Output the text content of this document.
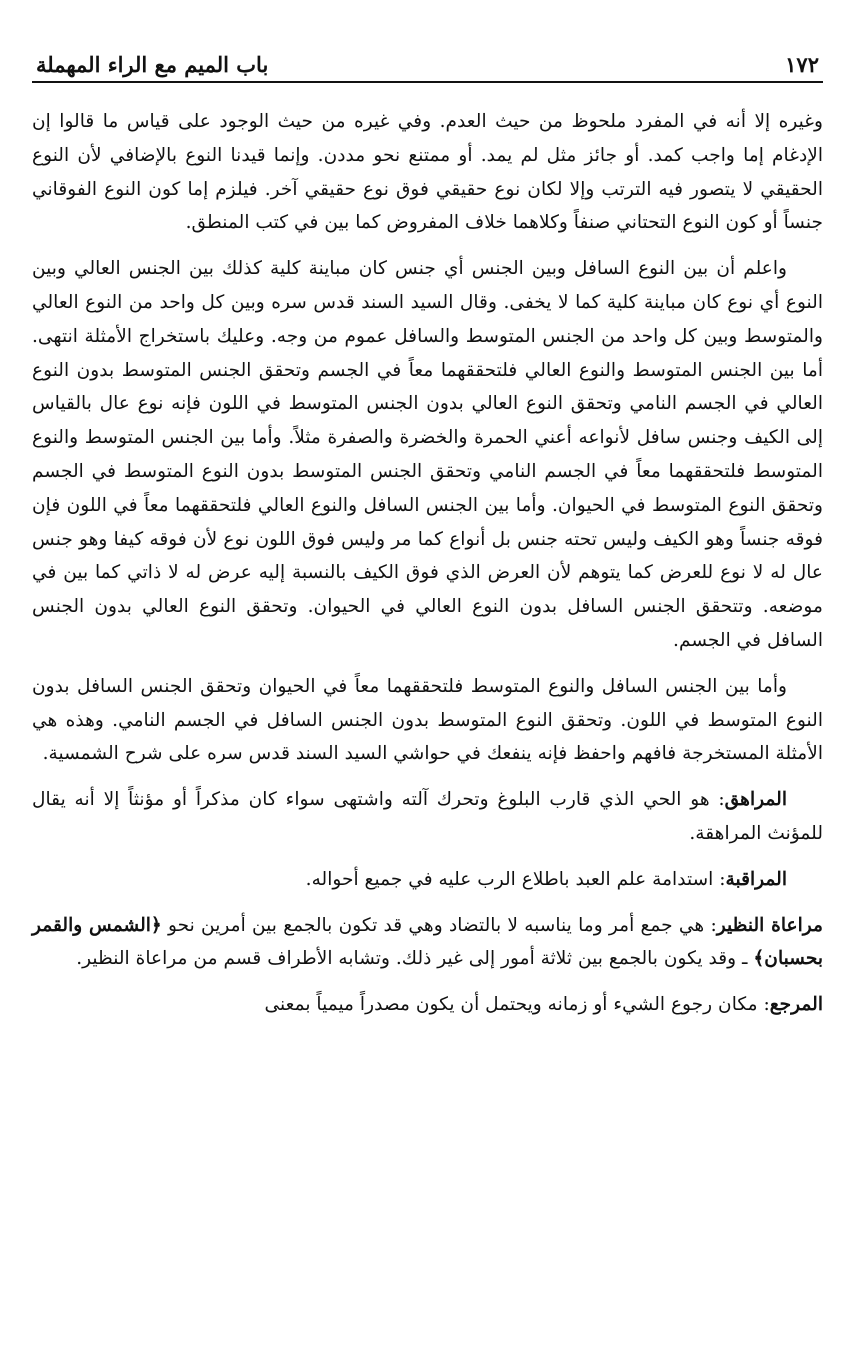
١٧٢
باب الميم مع الراء المهملة

وغيره إلا أنه في المفرد ملحوظ من حيث العدم. وفي غيره من حيث الوجود على قياس ما قالوا إن الإدغام إما واجب كمد. أو جائز مثل لم يمد. أو ممتنع نحو مددن. وإنما قيدنا النوع بالإضافي لأن النوع الحقيقي لا يتصور فيه الترتب وإلا لكان نوع حقيقي فوق نوع حقيقي آخر. فيلزم إما كون النوع الفوقاني جنساً أو كون النوع التحتاني صنفاً وكلاهما خلاف المفروض كما بين في كتب المنطق.

واعلم أن بين النوع السافل وبين الجنس أي جنس كان مباينة كلية كذلك بين الجنس العالي وبين النوع أي نوع كان مباينة كلية كما لا يخفى. وقال السيد السند قدس سره وبين كل واحد من النوع العالي والمتوسط وبين كل واحد من الجنس المتوسط والسافل عموم من وجه. وعليك باستخراج الأمثلة انتهى. أما بين الجنس المتوسط والنوع العالي فلتحققهما معاً في الجسم وتحقق الجنس المتوسط بدون النوع العالي في الجسم النامي وتحقق النوع العالي بدون الجنس المتوسط في اللون فإنه نوع عال بالقياس إلى الكيف وجنس سافل لأنواعه أعني الحمرة والخضرة والصفرة مثلاً. وأما بين الجنس المتوسط والنوع المتوسط فلتحققهما معاً في الجسم النامي وتحقق الجنس المتوسط بدون النوع المتوسط في الجسم وتحقق النوع المتوسط في الحيوان. وأما بين الجنس السافل والنوع العالي فلتحققهما معاً في اللون فإن فوقه جنساً وهو الكيف وليس تحته جنس بل أنواع كما مر وليس فوق اللون نوع لأن فوقه كيفا وهو جنس عال له لا نوع للعرض كما يتوهم لأن العرض الذي فوق الكيف بالنسبة إليه عرض له لا ذاتي كما بين في موضعه. وتتحقق الجنس السافل بدون النوع العالي في الحيوان. وتحقق النوع العالي بدون الجنس السافل في الجسم.

وأما بين الجنس السافل والنوع المتوسط فلتحققهما معاً في الحيوان وتحقق الجنس السافل بدون النوع المتوسط في اللون. وتحقق النوع المتوسط بدون الجنس السافل في الجسم النامي. وهذه هي الأمثلة المستخرجة فافهم واحفظ فإنه ينفعك في حواشي السيد السند قدس سره على شرح الشمسية.

المراهق: هو الحي الذي قارب البلوغ وتحرك آلته واشتهى سواء كان مذكراً أو مؤنثاً إلا أنه يقال للمؤنث المراهقة.

المراقبة: استدامة علم العبد باطلاع الرب عليه في جميع أحواله.

مراعاة النظير: هي جمع أمر وما يناسبه لا بالتضاد وهي قد تكون بالجمع بين أمرين نحو ﴿الشمس والقمر بحسبان﴾ ـ وقد يكون بالجمع بين ثلاثة أمور إلى غير ذلك. وتشابه الأطراف قسم من مراعاة النظير.

المرجع: مكان رجوع الشيء أو زمانه ويحتمل أن يكون مصدراً ميمياً بمعنى
